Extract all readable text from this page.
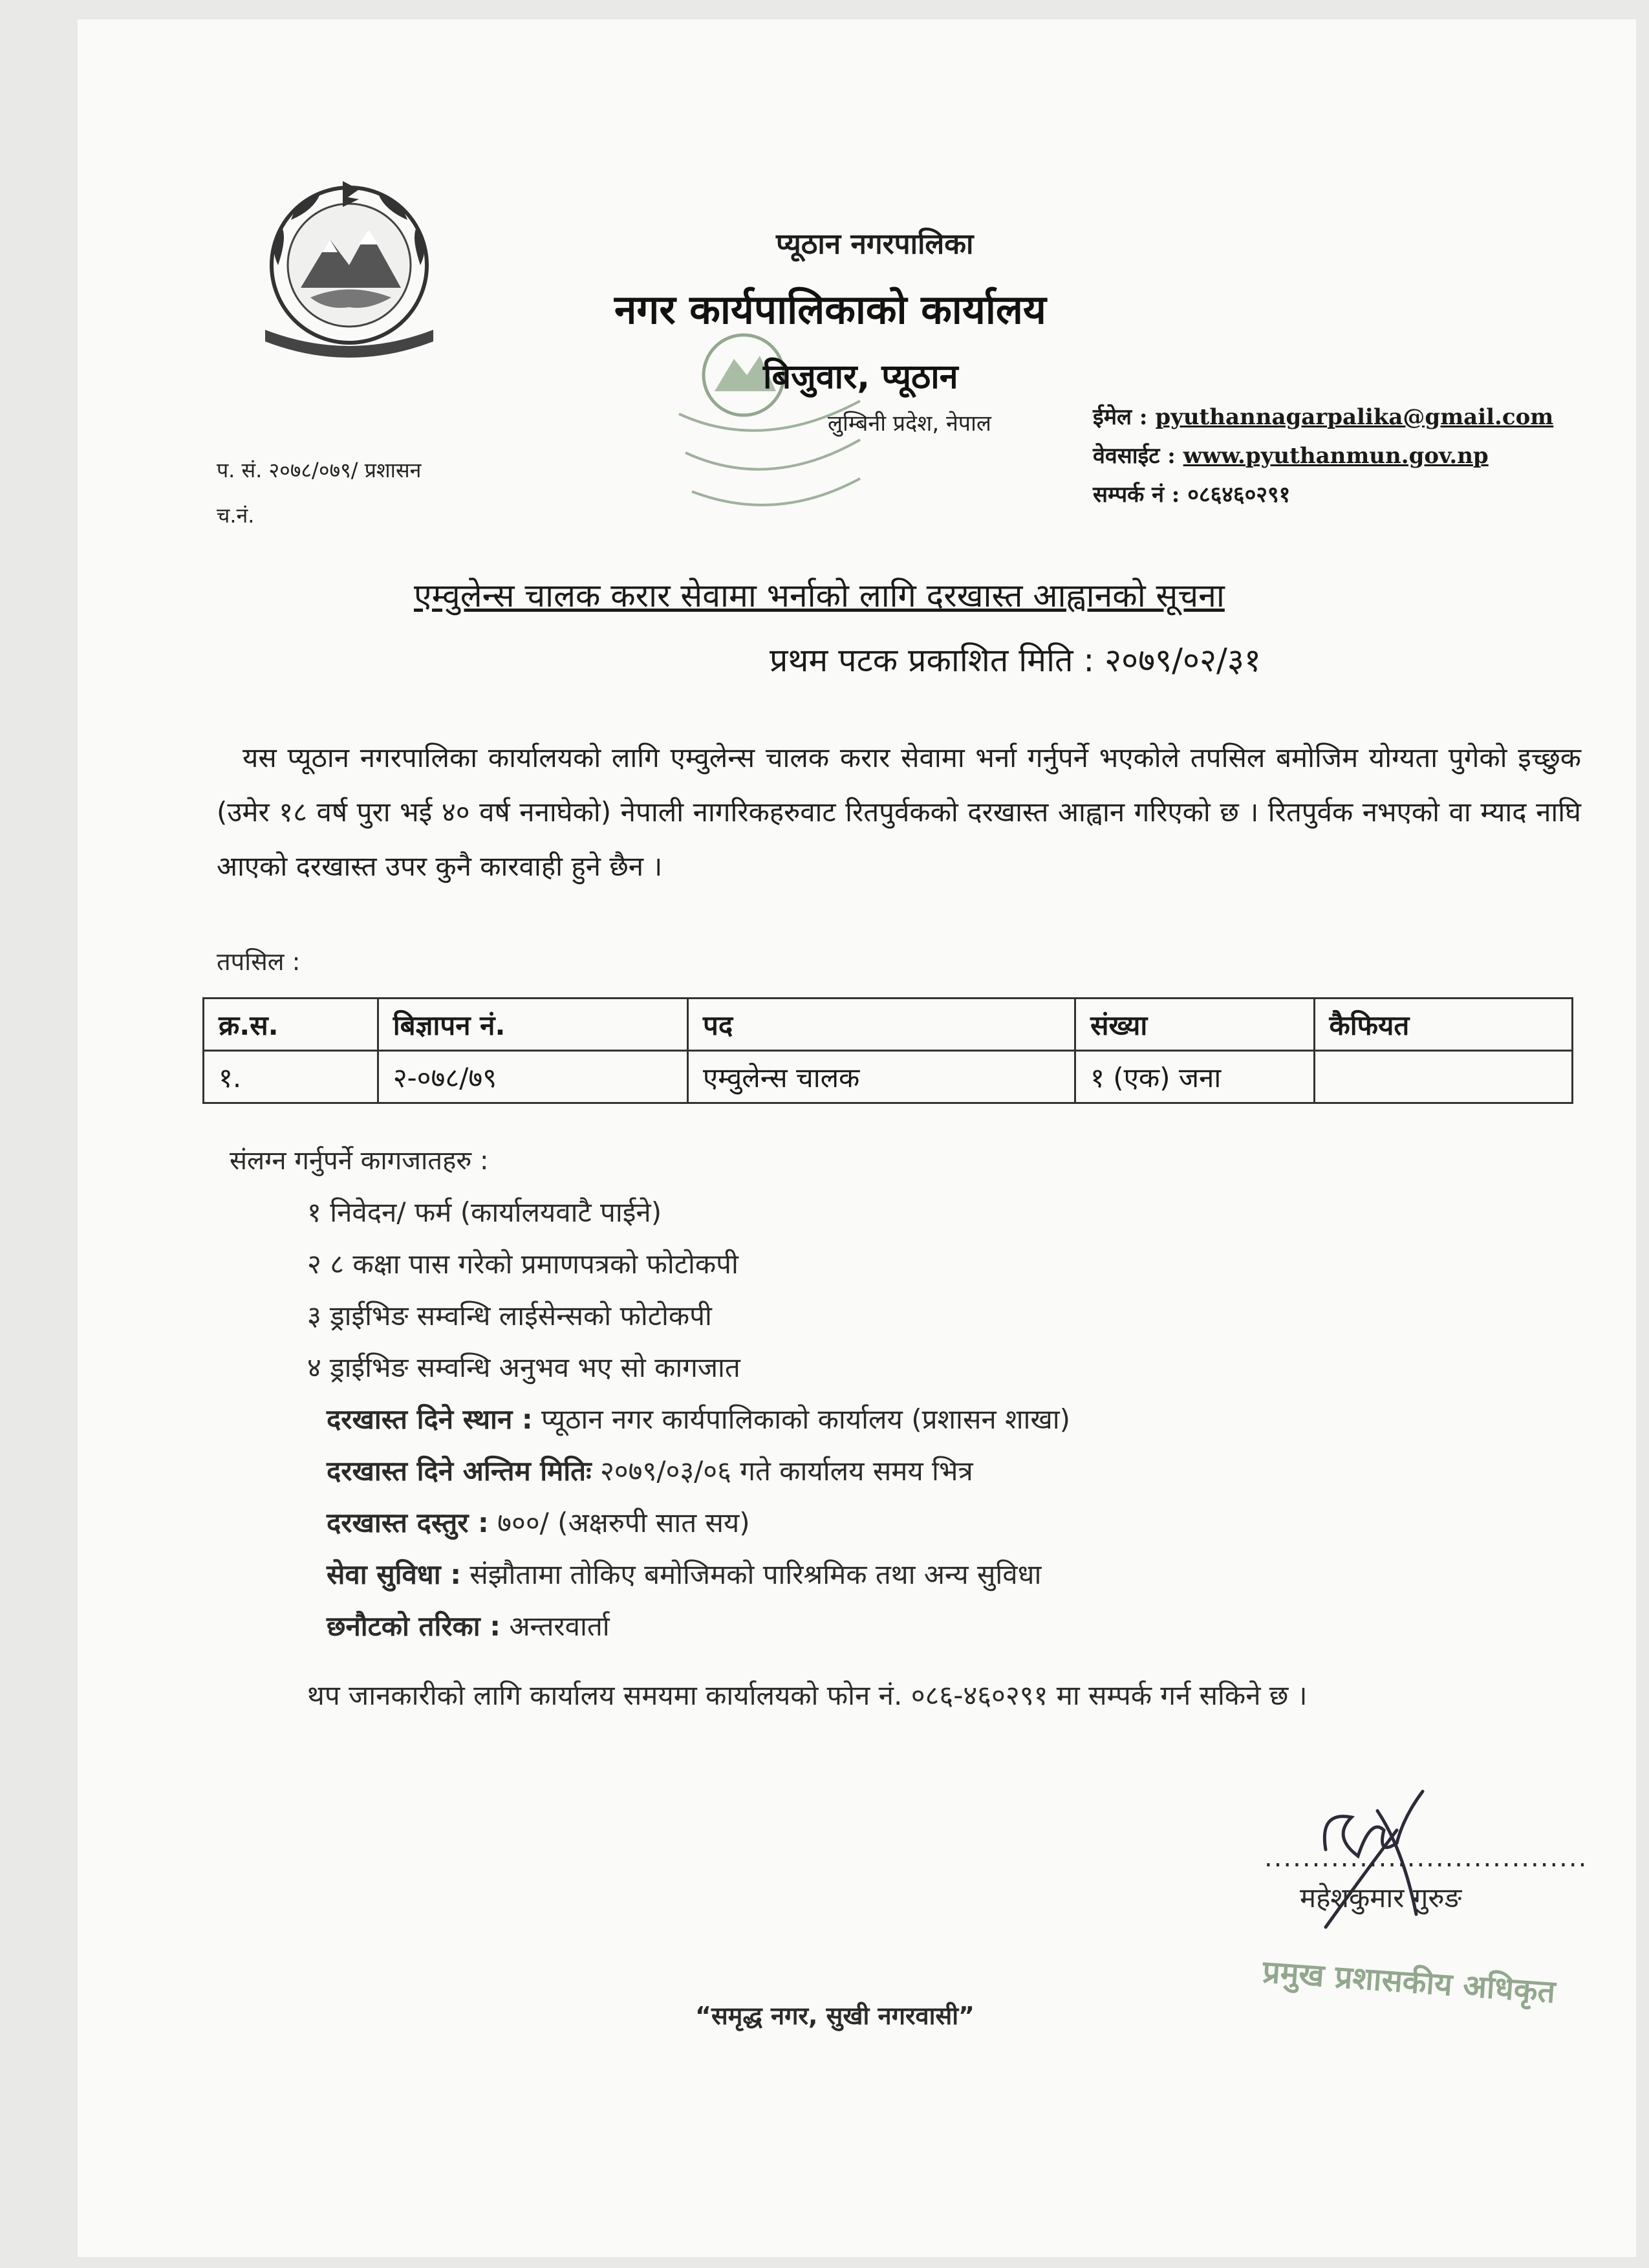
प्यूठान नगरपालिका
नगर कार्यपालिकाको कार्यालय
बिजुवार, प्यूठान
लुम्बिनी प्रदेश, नेपाल	ईमेल : pyuthannagarpalika@gmail.com
वेवसाईट : www.pyuthanmun.gov.np
सम्पर्क नं : ०८६४६०२९१
प. सं. २०७८/०७९/ प्रशासन
च.नं.
एम्वुलेन्स चालक करार सेवामा भर्नाको लागि दरखास्त आह्वानको सूचना
प्रथम पटक प्रकाशित मिति : २०७९/०२/३१
यस प्यूठान नगरपालिका कार्यालयको लागि एम्वुलेन्स चालक करार सेवामा भर्ना गर्नुपर्ने भएकोले तपसिल बमोजिम योग्यता पुगेको इच्छुक (उमेर १८ वर्ष पुरा भई ४० वर्ष ननाघेको) नेपाली नागरिकहरुवाट रितपुर्वकको दरखास्त आह्वान गरिएको छ । रितपुर्वक नभएको वा म्याद नाघि आएको दरखास्त उपर कुनै कारवाही हुने छैन ।
तपसिल :
क्र.स.	बिज्ञापन नं.	पद	संख्या	कैफियत
१.	२-०७८/७९	एम्वुलेन्स चालक	१ (एक) जना	
संलग्न गर्नुपर्ने कागजातहरु :
१ निवेदन/ फर्म (कार्यालयवाटै पाईने)
२ ८ कक्षा पास गरेको प्रमाणपत्रको फोटोकपी
३ ड्राईभिङ सम्वन्धि लाईसेन्सको फोटोकपी
४ ड्राईभिङ सम्वन्धि अनुभव भए सो कागजात
दरखास्त दिने स्थान : प्यूठान नगर कार्यपालिकाको कार्यालय (प्रशासन शाखा)
दरखास्त दिने अन्तिम मितिः २०७९/०३/०६ गते कार्यालय समय भित्र
दरखास्त दस्तुर : ७००/ (अक्षरुपी सात सय)
सेवा सुविधा : संझौतामा तोकिए बमोजिमको पारिश्रमिक तथा अन्य सुविधा
छनौटको तरिका : अन्तरवार्ता
थप जानकारीको लागि कार्यालय समयमा कार्यालयको फोन नं. ०८६-४६०२९१ मा सम्पर्क गर्न सकिने छ ।
..................................
महेशकुमार गुरुङ
प्रमुख प्रशासकीय अधिकृत
“समृद्ध नगर, सुखी नगरवासी”
